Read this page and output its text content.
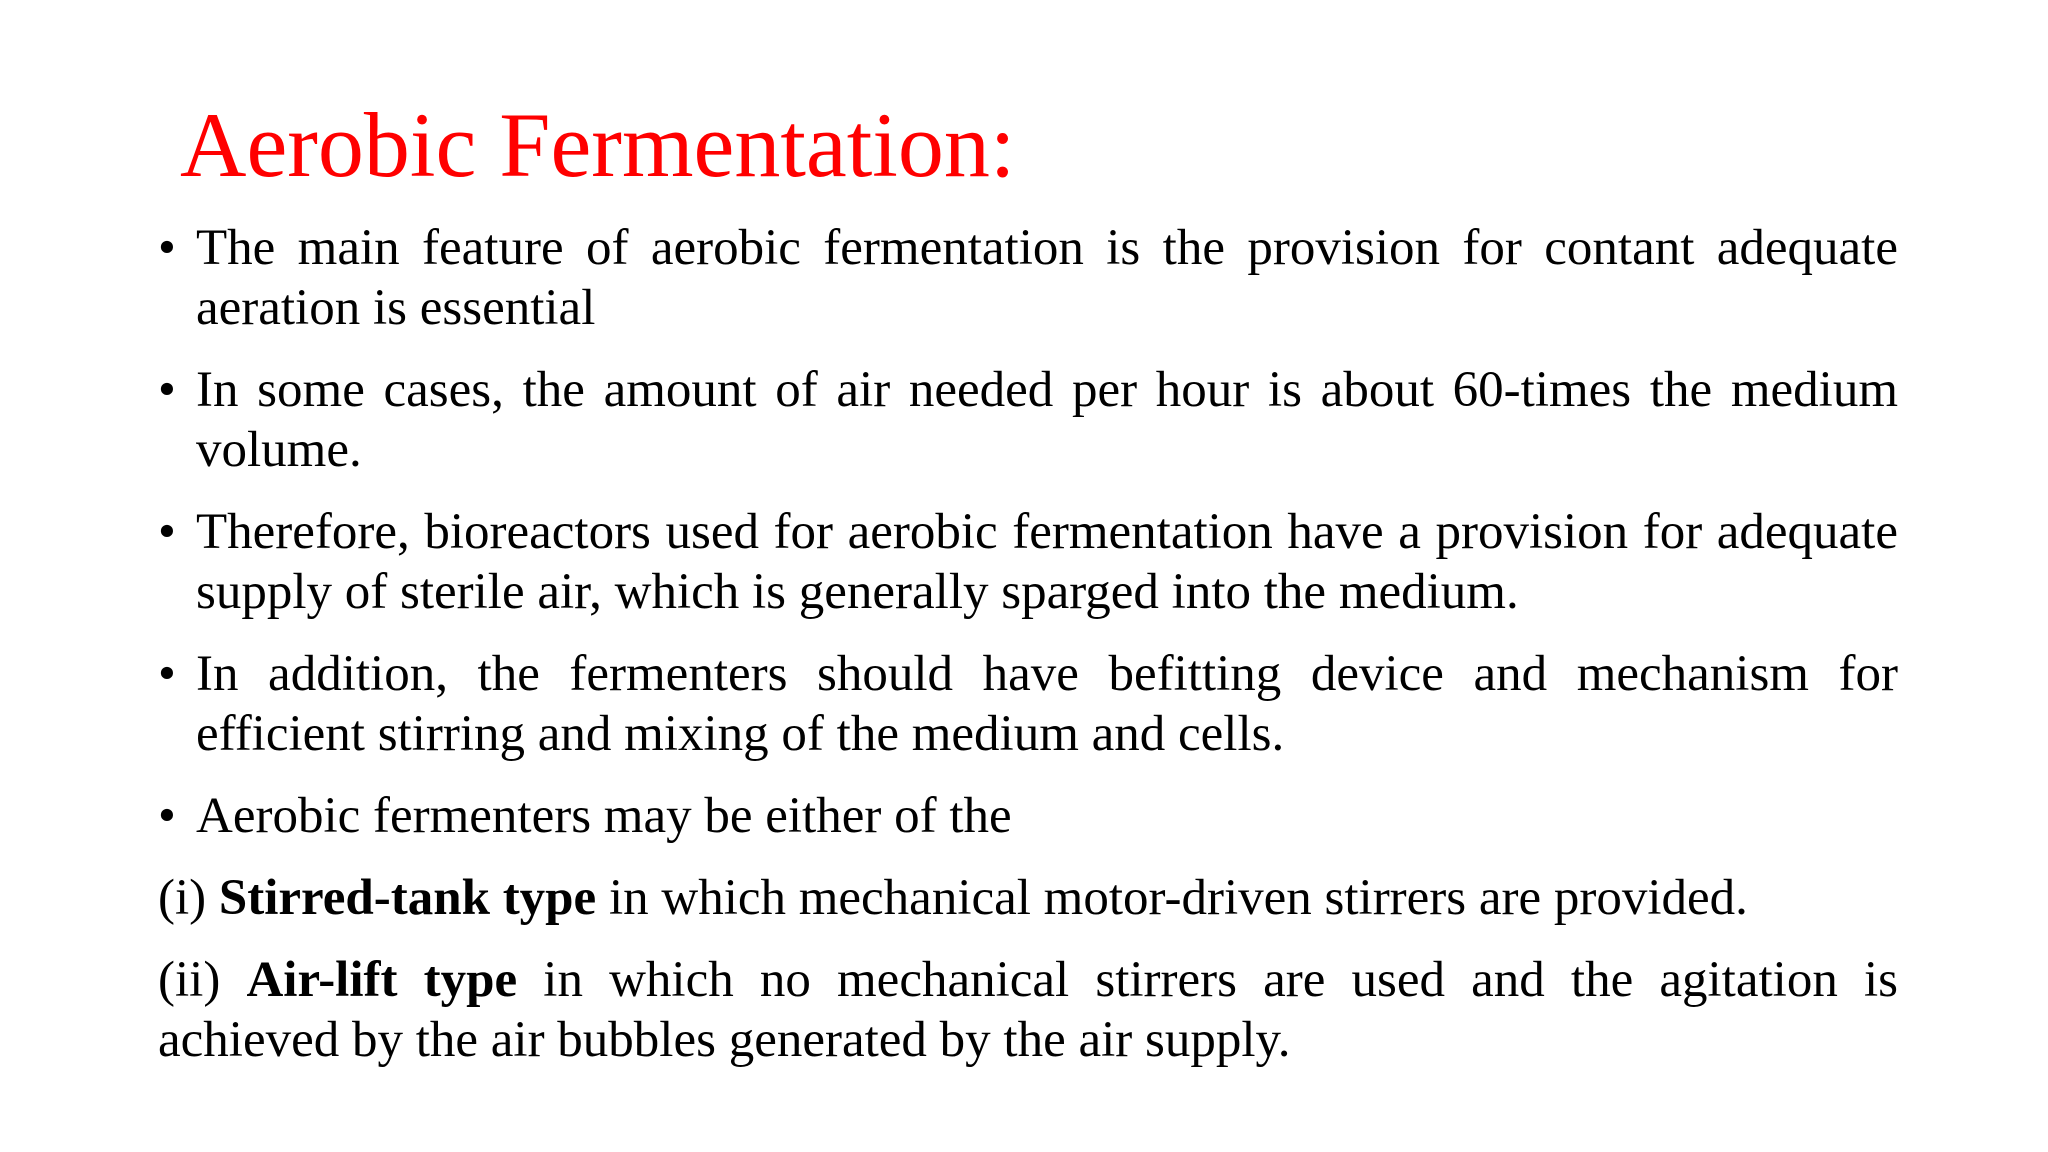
Aerobic Fermentation:
• The main feature of aerobic fermentation is the provision for contant adequate aeration is essential
• In some cases, the amount of air needed per hour is about 60-times the medium volume.
• Therefore, bioreactors used for aerobic fermentation have a provision for adequate supply of sterile air, which is generally sparged into the medium.
• In addition, the fermenters should have befitting device and mechanism for efficient stirring and mixing of the medium and cells.
• Aerobic fermenters may be either of the

(i) Stirred-tank type in which mechanical motor-driven stirrers are provided.

(ii) Air-lift type in which no mechanical stirrers are used and the agitation is achieved by the air bubbles generated by the air supply.
